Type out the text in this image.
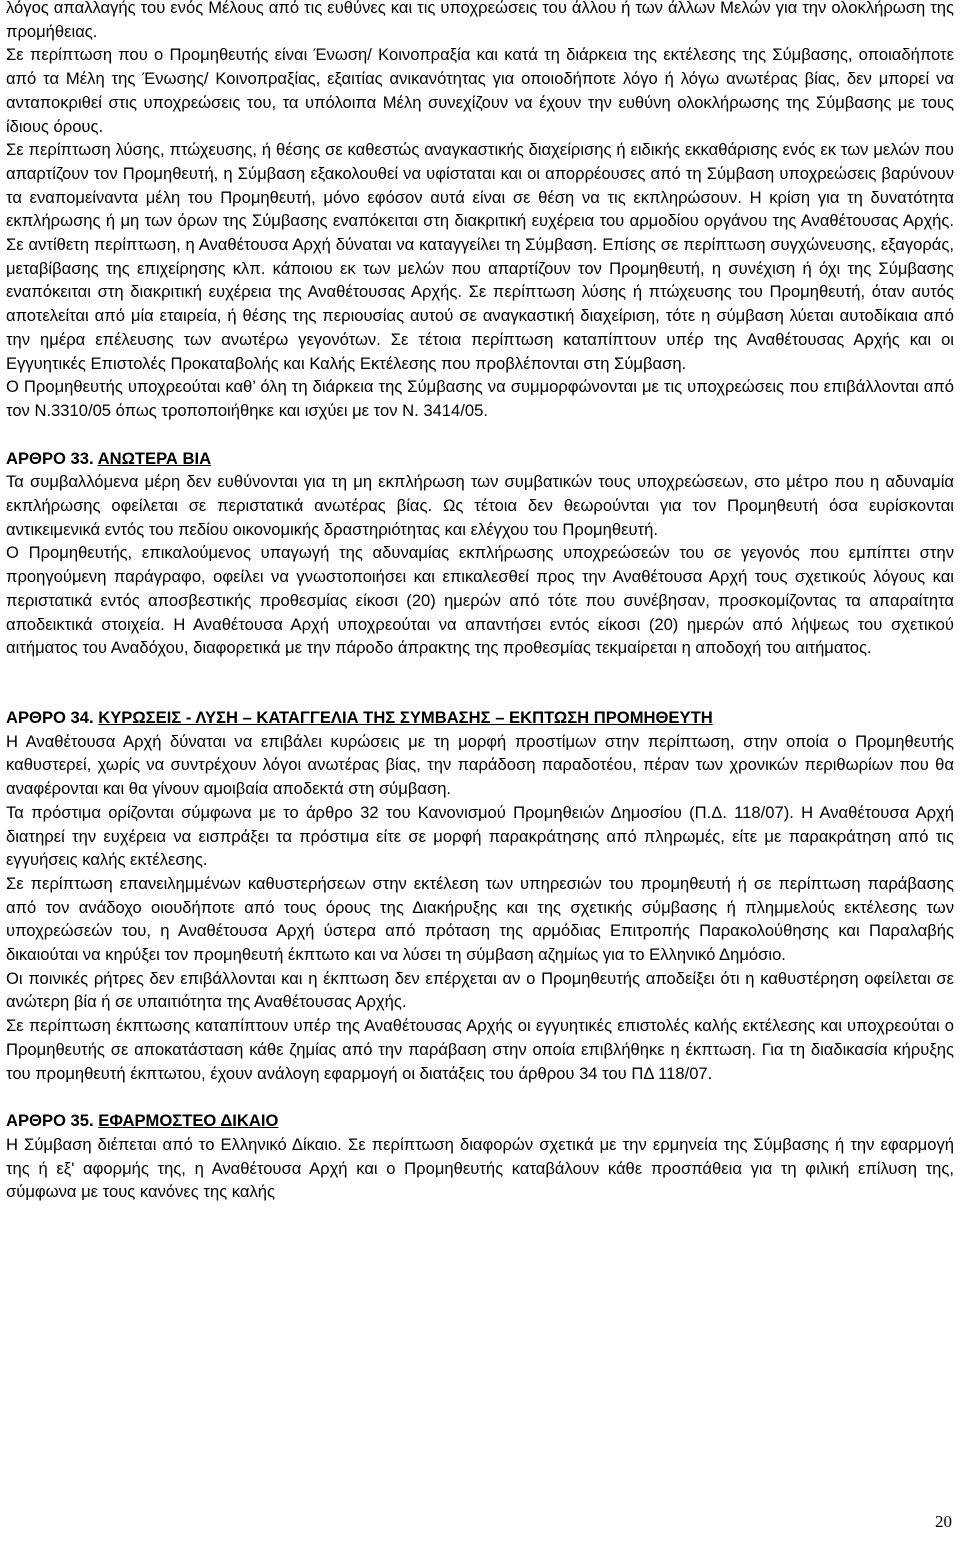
λόγος απαλλαγής του ενός Μέλους από τις ευθύνες και τις υποχρεώσεις του άλλου ή των άλλων Μελών για την ολοκλήρωση της προμήθειας.

Σε περίπτωση που ο Προμηθευτής είναι Ένωση/ Κοινοπραξία και κατά τη διάρκεια της εκτέλεσης της Σύμβασης, οποιαδήποτε από τα Μέλη της Ένωσης/ Κοινοπραξίας, εξαιτίας ανικανότητας για οποιοδήποτε λόγο ή λόγω ανωτέρας βίας, δεν μπορεί να ανταποκριθεί στις υποχρεώσεις του, τα υπόλοιπα Μέλη συνεχίζουν να έχουν την ευθύνη ολοκλήρωσης της Σύμβασης με τους ίδιους όρους.

Σε περίπτωση λύσης, πτώχευσης, ή θέσης σε καθεστώς αναγκαστικής διαχείρισης ή ειδικής εκκαθάρισης ενός εκ των μελών που απαρτίζουν τον Προμηθευτή, η Σύμβαση εξακολουθεί να υφίσταται και οι απορρέουσες από τη Σύμβαση υποχρεώσεις βαρύνουν τα εναπομείναντα μέλη του Προμηθευτή, μόνο εφόσον αυτά είναι σε θέση να τις εκπληρώσουν. Η κρίση για τη δυνατότητα εκπλήρωσης ή μη των όρων της Σύμβασης εναπόκειται στη διακριτική ευχέρεια του αρμοδίου οργάνου της Αναθέτουσας Αρχής. Σε αντίθετη περίπτωση, η Αναθέτουσα Αρχή δύναται να καταγγείλει τη Σύμβαση. Επίσης σε περίπτωση συγχώνευσης, εξαγοράς, μεταβίβασης της επιχείρησης κλπ. κάποιου εκ των μελών που απαρτίζουν τον Προμηθευτή, η συνέχιση ή όχι της Σύμβασης εναπόκειται στη διακριτική ευχέρεια της Αναθέτουσας Αρχής. Σε περίπτωση λύσης ή πτώχευσης του Προμηθευτή, όταν αυτός αποτελείται από μία εταιρεία, ή θέσης της περιουσίας αυτού σε αναγκαστική διαχείριση, τότε η σύμβαση λύεται αυτοδίκαια από την ημέρα επέλευσης των ανωτέρω γεγονότων. Σε τέτοια περίπτωση καταπίπτουν υπέρ της Αναθέτουσας Αρχής και οι Εγγυητικές Επιστολές Προκαταβολής και Καλής Εκτέλεσης που προβλέπονται στη Σύμβαση.

Ο Προμηθευτής υποχρεούται καθ’ όλη τη διάρκεια της Σύμβασης να συμμορφώνονται με τις υποχρεώσεις που επιβάλλονται από τον Ν.3310/05 όπως τροποποιήθηκε και ισχύει με τον Ν. 3414/05.

ΑΡΘΡΟ 33. ΑΝΩΤΕΡΑ ΒΙΑ

Τα συμβαλλόμενα μέρη δεν ευθύνονται για τη μη εκπλήρωση των συμβατικών τους υποχρεώσεων, στο μέτρο που η αδυναμία εκπλήρωσης οφείλεται σε περιστατικά ανωτέρας βίας. Ως τέτοια δεν θεωρούνται για τον Προμηθευτή όσα ευρίσκονται αντικειμενικά εντός του πεδίου οικονομικής δραστηριότητας και ελέγχου του Προμηθευτή.

Ο Προμηθευτής, επικαλούμενος υπαγωγή της αδυναμίας εκπλήρωσης υποχρεώσεών του σε γεγονός που εμπίπτει στην προηγούμενη παράγραφο, οφείλει να γνωστοποιήσει και επικαλεσθεί προς την Αναθέτουσα Αρχή τους σχετικούς λόγους και περιστατικά εντός αποσβεστικής προθεσμίας είκοσι (20) ημερών από τότε που συνέβησαν, προσκομίζοντας τα απαραίτητα αποδεικτικά στοιχεία. Η Αναθέτουσα Αρχή υποχρεούται να απαντήσει εντός είκοσι (20) ημερών από λήψεως του σχετικού αιτήματος του Αναδόχου, διαφορετικά με την πάροδο άπρακτης της προθεσμίας τεκμαίρεται η αποδοχή του αιτήματος.

ΑΡΘΡΟ 34. ΚΥΡΩΣΕΙΣ - ΛΥΣΗ – ΚΑΤΑΓΓΕΛΙΑ ΤΗΣ ΣΥΜΒΑΣΗΣ – ΕΚΠΤΩΣΗ ΠΡΟΜΗΘΕΥΤΗ

Η Αναθέτουσα Αρχή δύναται να επιβάλει κυρώσεις με τη μορφή προστίμων στην περίπτωση, στην οποία ο Προμηθευτής καθυστερεί, χωρίς να συντρέχουν λόγοι ανωτέρας βίας, την παράδοση παραδοτέου, πέραν των χρονικών περιθωρίων που θα αναφέρονται και θα γίνουν αμοιβαία αποδεκτά στη σύμβαση.

Τα πρόστιμα ορίζονται σύμφωνα με το άρθρο 32 του Κανονισμού Προμηθειών Δημοσίου (Π.Δ. 118/07). Η Αναθέτουσα Αρχή διατηρεί την ευχέρεια να εισπράξει τα πρόστιμα είτε σε μορφή παρακράτησης από πληρωμές, είτε με παρακράτηση από τις εγγυήσεις καλής εκτέλεσης.

Σε περίπτωση επανειλημμένων καθυστερήσεων στην εκτέλεση των υπηρεσιών του προμηθευτή ή σε περίπτωση παράβασης από τον ανάδοχο οιουδήποτε από τους όρους της Διακήρυξης και της σχετικής σύμβασης ή πλημμελούς εκτέλεσης των υποχρεώσεών του, η Αναθέτουσα Αρχή ύστερα από πρόταση της αρμόδιας Επιτροπής Παρακολούθησης και Παραλαβής δικαιούται να κηρύξει τον προμηθευτή έκπτωτο και να λύσει τη σύμβαση αζημίως για το Ελληνικό Δημόσιο.

Οι ποινικές ρήτρες δεν επιβάλλονται και η έκπτωση δεν επέρχεται αν ο Προμηθευτής αποδείξει ότι η καθυστέρηση οφείλεται σε ανώτερη βία ή σε υπαιτιότητα της Αναθέτουσας Αρχής.

Σε περίπτωση έκπτωσης καταπίπτουν υπέρ της Αναθέτουσας Αρχής οι εγγυητικές επιστολές καλής εκτέλεσης και υποχρεούται ο Προμηθευτής σε αποκατάσταση κάθε ζημίας από την παράβαση στην οποία επιβλήθηκε η έκπτωση. Για τη διαδικασία κήρυξης του προμηθευτή έκπτωτου, έχουν ανάλογη εφαρμογή οι διατάξεις του άρθρου 34 του ΠΔ 118/07.

ΑΡΘΡΟ 35. ΕΦΑΡΜΟΣΤΕΟ ΔΙΚΑΙΟ

Η Σύμβαση διέπεται από το Ελληνικό Δίκαιο. Σε περίπτωση διαφορών σχετικά με την ερμηνεία της Σύμβασης ή την εφαρμογή της ή εξ' αφορμής της, η Αναθέτουσα Αρχή και ο Προμηθευτής καταβάλουν κάθε προσπάθεια για τη φιλική επίλυση της, σύμφωνα με τους κανόνες της καλής

20
